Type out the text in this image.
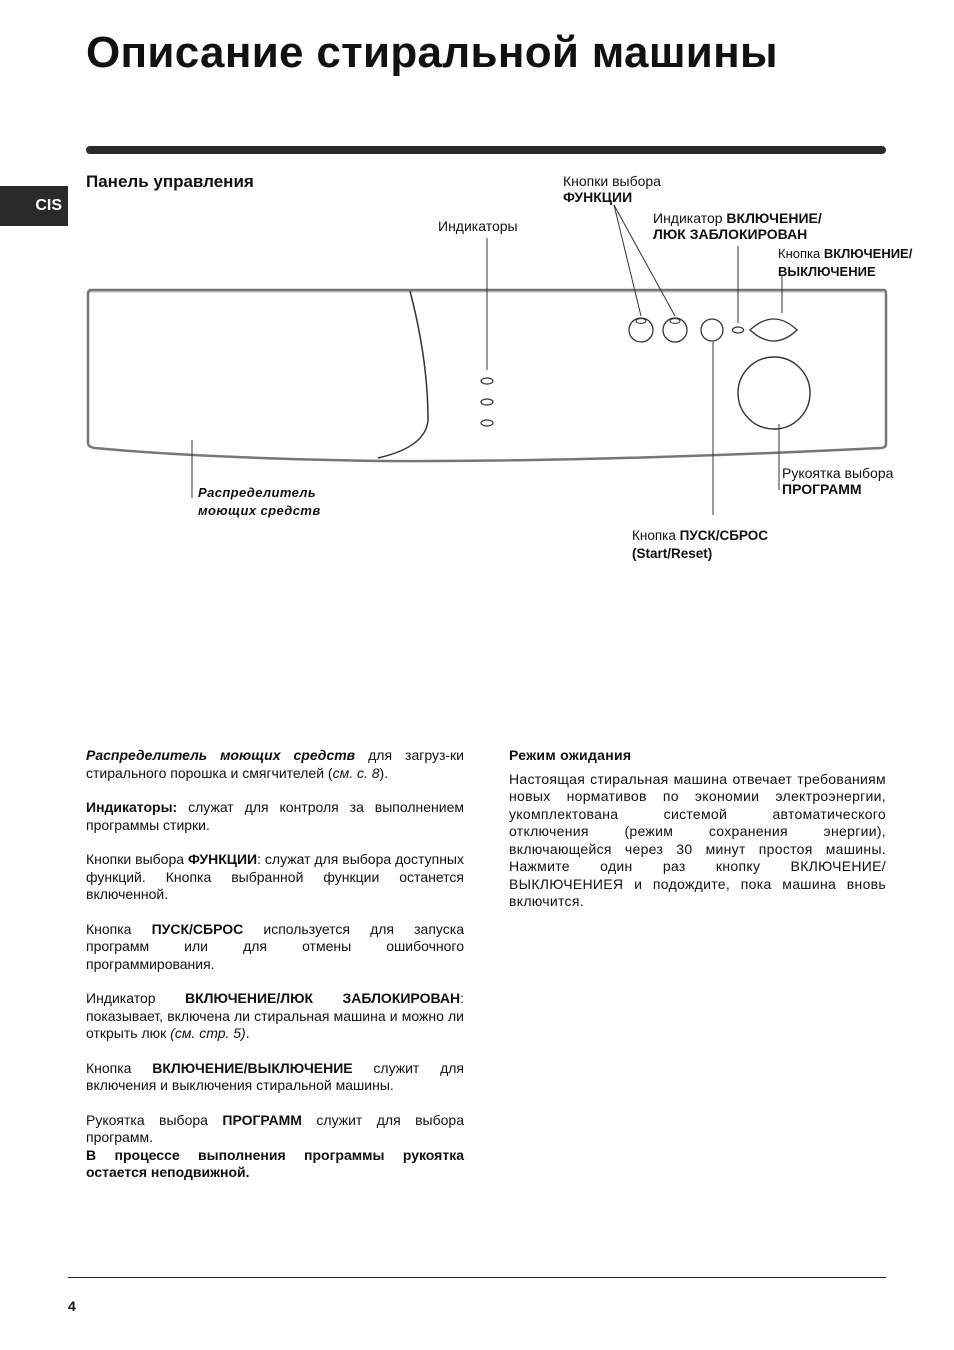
Описание стиральной машины
CIS
Панель управления
Индикаторы
Кнопки выбора
ФУНКЦИИ
Индикатор ВКЛЮЧЕНИЕ/
ЛЮК ЗАБЛОКИРОВАН
Кнопка ВКЛЮЧЕНИЕ/
ВЫКЛЮЧЕНИЕ
Рукоятка выбора
ПРОГРАММ
Кнопка ПУСК/СБРОС
(Start/Reset)
Распределитель
моющих средств

Распределитель моющих средств для загруз-ки стирального порошка и смягчителей (см. с. 8).

Индикаторы: служат для контроля за выполнением программы стирки.

Кнопки выбора ФУНКЦИИ: служат для выбора доступных функций. Кнопка выбранной функции останется включенной.

Кнопка ПУСК/СБРОС используется для запуска программ или для отмены ошибочного программирования.

Индикатор ВКЛЮЧЕНИЕ/ЛЮК ЗАБЛОКИРОВАН: показывает, включена ли стиральная машина и можно ли открыть люк (см. стр. 5).

Кнопка ВКЛЮЧЕНИЕ/ВЫКЛЮЧЕНИЕ служит для включения и выключения стиральной машины.

Рукоятка выбора ПРОГРАММ служит для выбора программ.
В процессе выполнения программы рукоятка остается неподвижной.

Режим ожидания

Настоящая стиральная машина отвечает требованиям новых нормативов по экономии электроэнергии, укомплектована системой автоматического отключения (режим сохранения энергии), включающейся через 30 минут простоя машины. Нажмите один раз кнопку ВКЛЮЧЕНИЕ/ВЫКЛЮЧЕНИЕЯ и подождите, пока машина вновь включится.

4
